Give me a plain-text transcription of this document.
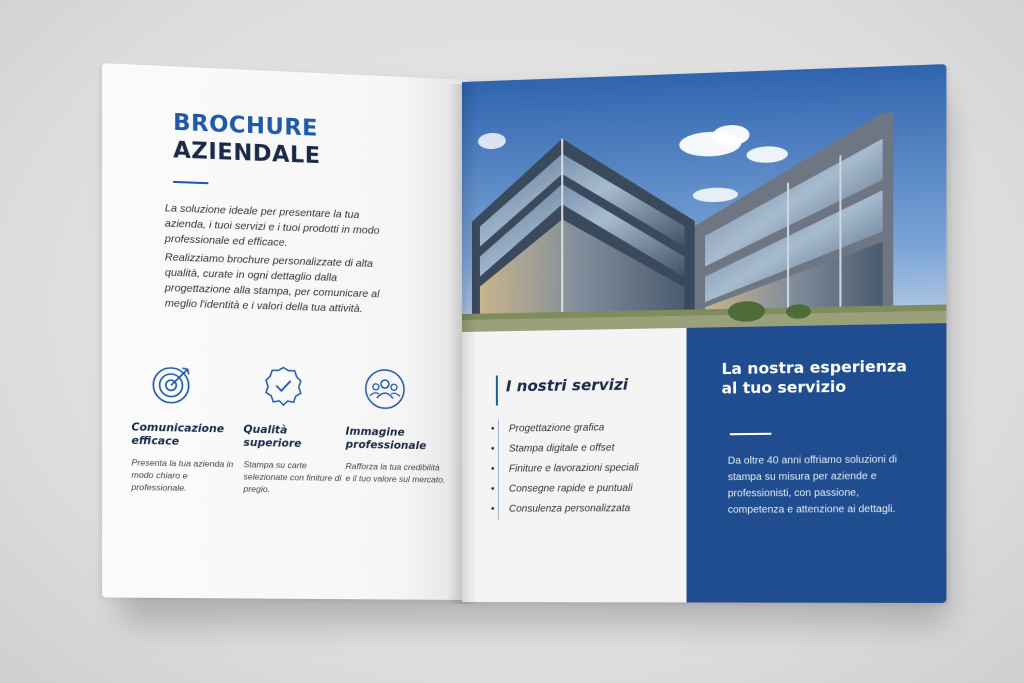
BROCHURE
AZIENDALE
La soluzione ideale per presentare la tua azienda, i tuoi servizi e i tuoi prodotti in modo professionale ed efficace.
Realizziamo brochure personalizzate di alta qualità, curate in ogni dettaglio dalla progettazione alla stampa, per comunicare al meglio l'identità e i valori della tua attività.
Comunicazione efficace
Presenta la tua azienda in modo chiaro e professionale.
Qualità superiore
Stampa su carte selezionate con finiture di pregio.
Immagine professionale
Rafforza la tua credibilità e il tuo valore sul mercato.
I nostri servizi
• Progettazione grafica
• Stampa digitale e offset
• Finiture e lavorazioni speciali
• Consegne rapide e puntuali
• Consulenza personalizzata
La nostra esperienza al tuo servizio
Da oltre 40 anni offriamo soluzioni di stampa su misura per aziende e professionisti, con passione, competenza e attenzione ai dettagli.
